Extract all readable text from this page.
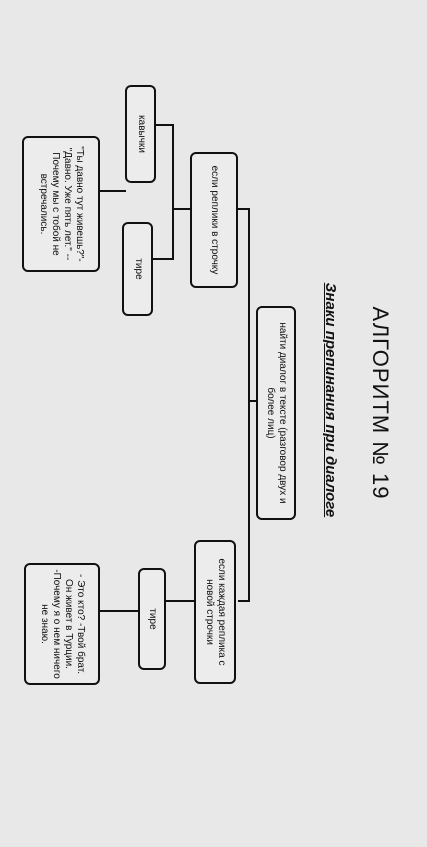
АЛГОРИТМ № 19
Знаки препинания при диалоге
найти диалог в тексте (разговор двух и более лиц)
если реплики в строчку
если каждая реплика с новой строчки
кавычки
тире
тире
"Ты давно тут живешь?"- "Давно. Уже пять лет." -- Почему мы с тобой не встречались.
- Это кто? -Твой брат. Он живет в Турции. -Почему я о нем ничего не знаю.
